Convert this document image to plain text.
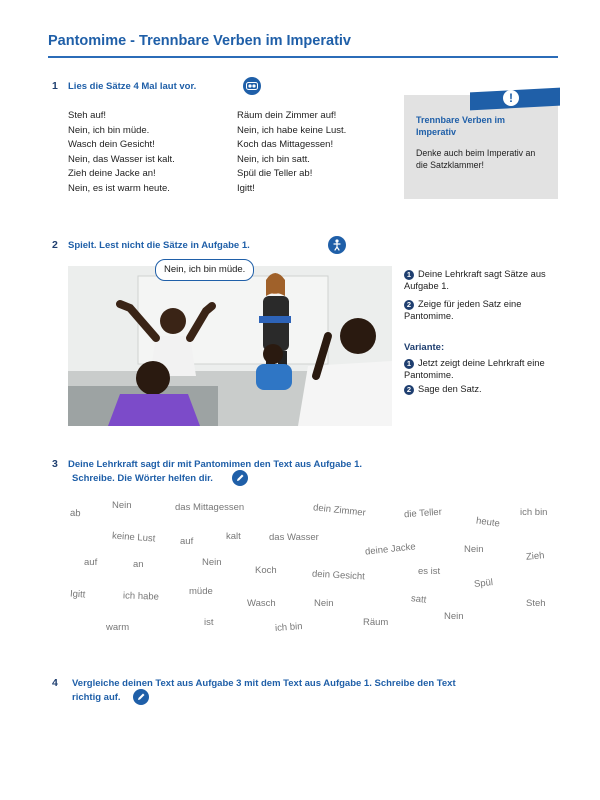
Pantomime - Trennbare Verben im Imperativ
1 Lies die Sätze 4 Mal laut vor.
Steh auf!
Nein, ich bin müde.
Wasch dein Gesicht!
Nein, das Wasser ist kalt.
Zieh deine Jacke an!
Nein, es ist warm heute.
Räum dein Zimmer auf!
Nein, ich habe keine Lust.
Koch das Mittagessen!
Nein, ich bin satt.
Spül die Teller ab!
Igitt!
!
Trennbare Verben im Imperativ
Denke auch beim Imperativ an die Satzklammer!
2 Spielt. Lest nicht die Sätze in Aufgabe 1.
Nein, ich bin müde.	1 Deine Lehrkraft sagt Sätze aus Aufgabe 1.
2 Zeige für jeden Satz eine Pantomime.
Variante:
1 Jetzt zeigt deine Lehrkraft eine Pantomime.
2 Sage den Satz.
3 Deine Lehrkraft sagt dir mit Pantomimen den Text aus Aufgabe 1.
Schreibe. Die Wörter helfen dir.
ab
Nein	das Mittagessen	dein Zimmer	die Teller
heute
ich bin
keine Lust	auf	kalt	das Wasser
deine Jacke	Nein
Zieh
auf	an	Nein
Koch	dein Gesicht	es ist
Spül
Igitt	ich habe	müde
Wasch	Nein	satt	Steh
warm	ist	ich bin	Räum
Nein
4 Vergleiche deinen Text aus Aufgabe 3 mit dem Text aus Aufgabe 1. Schreibe den Text
richtig auf.
